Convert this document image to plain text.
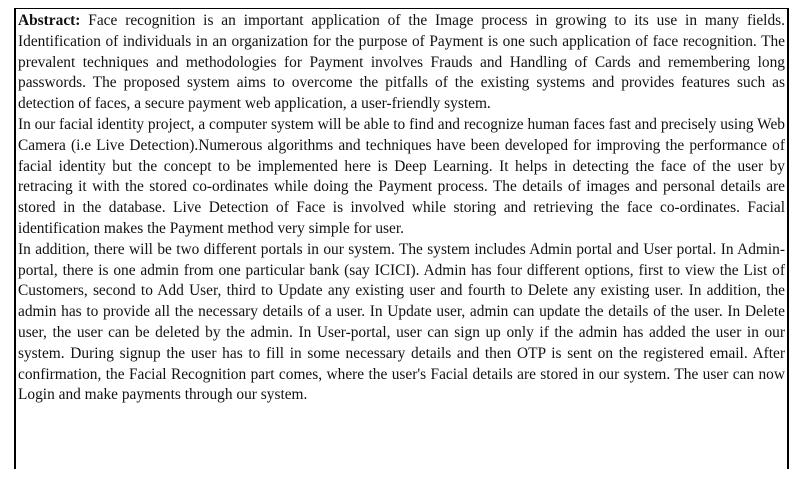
Abstract: Face recognition is an important application of the Image process in growing to its use in many fields. Identification of individuals in an organization for the purpose of Payment is one such application of face recognition. The prevalent techniques and methodologies for Payment involves Frauds and Handling of Cards and remembering long passwords. The proposed system aims to overcome the pitfalls of the existing systems and provides features such as detection of faces, a secure payment web application, a user-friendly system.

In our facial identity project, a computer system will be able to find and recognize human faces fast and precisely using Web Camera (i.e Live Detection).Numerous algorithms and techniques have been developed for improving the performance of facial identity but the concept to be implemented here is Deep Learning. It helps in detecting the face of the user by retracing it with the stored co-ordinates while doing the Payment process. The details of images and personal details are stored in the database. Live Detection of Face is involved while storing and retrieving the face co-ordinates. Facial identification makes the Payment method very simple for user.

In addition, there will be two different portals in our system. The system includes Admin portal and User portal. In Admin-portal, there is one admin from one particular bank (say ICICI). Admin has four different options, first to view the List of Customers, second to Add User, third to Update any existing user and fourth to Delete any existing user. In addition, the admin has to provide all the necessary details of a user. In Update user, admin can update the details of the user. In Delete user, the user can be deleted by the admin. In User-portal, user can sign up only if the admin has added the user in our system. During signup the user has to fill in some necessary details and then OTP is sent on the registered email. After confirmation, the Facial Recognition part comes, where the user's Facial details are stored in our system. The user can now Login and make payments through our system.
